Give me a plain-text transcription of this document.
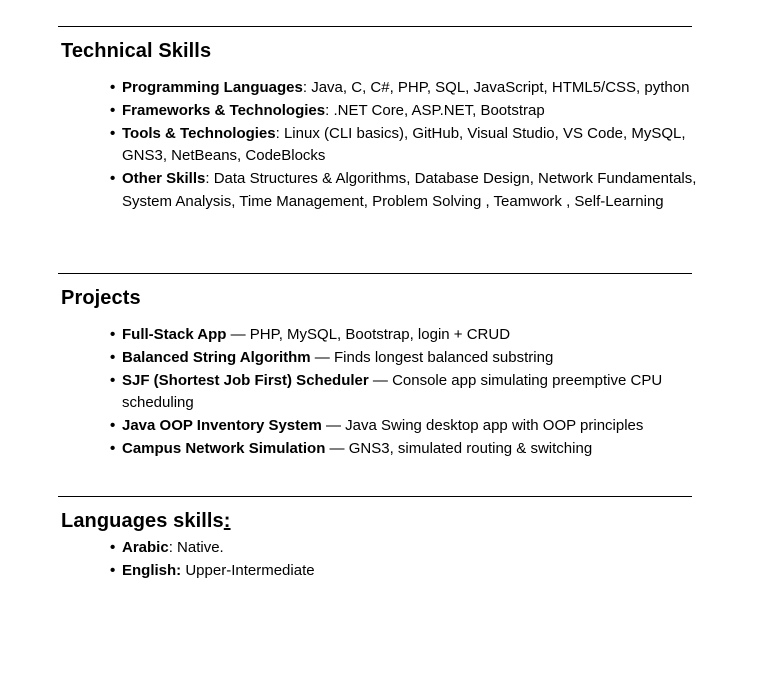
Technical Skills
• Programming Languages: Java, C, C#, PHP, SQL, JavaScript, HTML5/CSS, python
• Frameworks & Technologies: .NET Core, ASP.NET, Bootstrap
• Tools & Technologies: Linux (CLI basics), GitHub, Visual Studio, VS Code, MySQL, GNS3, NetBeans, CodeBlocks
• Other Skills: Data Structures & Algorithms, Database Design, Network Fundamentals, System Analysis, Time Management, Problem Solving , Teamwork , Self-Learning
Projects
• Full-Stack App — PHP, MySQL, Bootstrap, login + CRUD
• Balanced String Algorithm — Finds longest balanced substring
• SJF (Shortest Job First) Scheduler — Console app simulating preemptive CPU scheduling
• Java OOP Inventory System — Java Swing desktop app with OOP principles
• Campus Network Simulation — GNS3, simulated routing & switching
Languages skills:
• Arabic: Native.
• English: Upper-Intermediate
